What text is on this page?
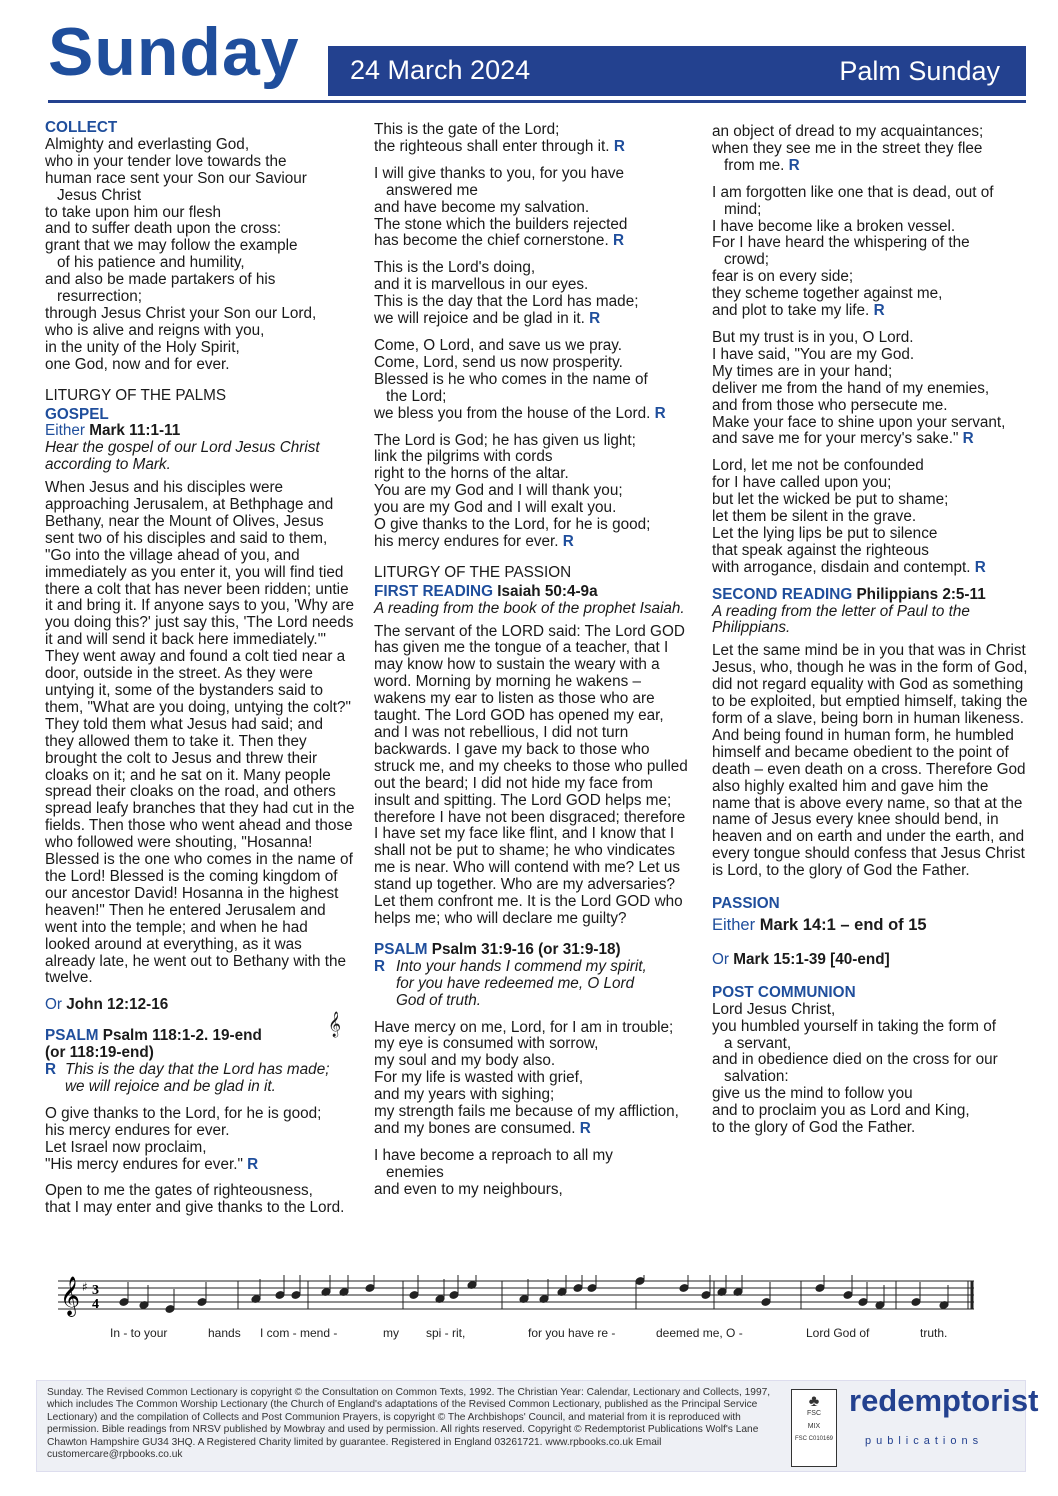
Sunday 24 March 2024	Palm Sunday
COLLECT
Almighty and everlasting God,
who in your tender love towards the
human race sent your Son our Saviour
Jesus Christ
to take upon him our flesh
and to suffer death upon the cross:
grant that we may follow the example
of his patience and humility,
and also be made partakers of his
resurrection;
through Jesus Christ your Son our Lord,
who is alive and reigns with you,
in the unity of the Holy Spirit,
one God, now and for ever.
LITURGY OF THE PALMS
GOSPEL
Either Mark 11:1-11
Hear the gospel of our Lord Jesus Christ according to Mark.

When Jesus and his disciples were approaching Jerusalem, at Bethphage and Bethany, near the Mount of Olives, Jesus sent two of his disciples and said to them, "Go into the village ahead of you, and immediately as you enter it, you will find tied there a colt that has never been ridden; untie it and bring it. If anyone says to you, 'Why are you doing this?' just say this, 'The Lord needs it and will send it back here immediately.'" They went away and found a colt tied near a door, outside in the street. As they were untying it, some of the bystanders said to them, "What are you doing, untying the colt?" They told them what Jesus had said; and they allowed them to take it. Then they brought the colt to Jesus and threw their cloaks on it; and he sat on it. Many people spread their cloaks on the road, and others spread leafy branches that they had cut in the fields. Then those who went ahead and those who followed were shouting, "Hosanna! Blessed is the one who comes in the name of the Lord! Blessed is the coming kingdom of our ancestor David! Hosanna in the highest heaven!" Then he entered Jerusalem and went into the temple; and when he had looked around at everything, as it was already late, he went out to Bethany with the twelve.

Or John 12:12-16
PSALM Psalm 118:1-2. 19-end	𝄞
(or 118:19-end)
R This is the day that the Lord has made;
we will rejoice and be glad in it.

O give thanks to the Lord, for he is good;
his mercy endures for ever.
Let Israel now proclaim,
"His mercy endures for ever." R

Open to me the gates of righteousness,
that I may enter and give thanks to the Lord.

This is the gate of the Lord;
the righteous shall enter through it. R

I will give thanks to you, for you have
answered me
and have become my salvation.
The stone which the builders rejected
has become the chief cornerstone. R

This is the Lord's doing,
and it is marvellous in our eyes.
This is the day that the Lord has made;
we will rejoice and be glad in it. R

Come, O Lord, and save us we pray.
Come, Lord, send us now prosperity.
Blessed is he who comes in the name of
the Lord;
we bless you from the house of the Lord. R

The Lord is God; he has given us light;
link the pilgrims with cords
right to the horns of the altar.
You are my God and I will thank you;
you are my God and I will exalt you.
O give thanks to the Lord, for he is good;
his mercy endures for ever. R

LITURGY OF THE PASSION
FIRST READING Isaiah 50:4-9a
A reading from the book of the prophet Isaiah.

The servant of the LORD said: The Lord GOD has given me the tongue of a teacher, that I may know how to sustain the weary with a word. Morning by morning he wakens – wakens my ear to listen as those who are taught. The Lord GOD has opened my ear, and I was not rebellious, I did not turn backwards. I gave my back to those who struck me, and my cheeks to those who pulled out the beard; I did not hide my face from insult and spitting. The Lord GOD helps me; therefore I have not been disgraced; therefore I have set my face like flint, and I know that I shall not be put to shame; he who vindicates me is near. Who will contend with me? Let us stand up together. Who are my adversaries? Let them confront me. It is the Lord GOD who helps me; who will declare me guilty?

PSALM Psalm 31:9-16 (or 31:9-18)
R Into your hands I commend my spirit,
for you have redeemed me, O Lord
God of truth.

Have mercy on me, Lord, for I am in trouble;
my eye is consumed with sorrow,
my soul and my body also.
For my life is wasted with grief,
and my years with sighing;
my strength fails me because of my affliction,
and my bones are consumed. R

I have become a reproach to all my
enemies
and even to my neighbours,

an object of dread to my acquaintances;
when they see me in the street they flee
from me. R

I am forgotten like one that is dead, out of
mind;
I have become like a broken vessel.
For I have heard the whispering of the
crowd;
fear is on every side;
they scheme together against me,
and plot to take my life. R

But my trust is in you, O Lord.
I have said, "You are my God.
My times are in your hand;
deliver me from the hand of my enemies,
and from those who persecute me.
Make your face to shine upon your servant,
and save me for your mercy's sake." R

Lord, let me not be confounded
for I have called upon you;
but let the wicked be put to shame;
let them be silent in the grave.
Let the lying lips be put to silence
that speak against the righteous
with arrogance, disdain and contempt. R

SECOND READING Philippians 2:5-11
A reading from the letter of Paul to the Philippians.

Let the same mind be in you that was in Christ Jesus, who, though he was in the form of God, did not regard equality with God as something to be exploited, but emptied himself, taking the form of a slave, being born in human likeness. And being found in human form, he humbled himself and became obedient to the point of death – even death on a cross. Therefore God also highly exalted him and gave him the name that is above every name, so that at the name of Jesus every knee should bend, in heaven and on earth and under the earth, and every tongue should confess that Jesus Christ is Lord, to the glory of God the Father.

PASSION
Either Mark 14:1 – end of 15
Or Mark 15:1-39 [40-end]
POST COMMUNION
Lord Jesus Christ,
you humbled yourself in taking the form of
a servant,
and in obedience died on the cross for our
salvation:
give us the mind to follow you
and to proclaim you as Lord and King,
to the glory of God the Father.
𝄞 ♯ 3
4
In - to your	hands I com - mend -	my spi - rit,	for you have re -	deemed me, O -	Lord God of	truth.
Sunday. The Revised Common Lectionary is copyright © the Consultation on Common Texts, 1992. The Christian Year: Calendar, Lectionary and Collects, 1997, which includes The Common Worship Lectionary (the Church of England's adaptations of the Revised Common Lectionary, published as the Principal Service Lectionary) and the compilation of Collects and Post Communion Prayers, is copyright © The Archbishops' Council, and material from it is reproduced with permission. Bible readings from NRSV published by Mowbray and used by permission. All rights reserved. Copyright © Redemptorist Publications Wolf's Lane Chawton Hampshire GU34 3HQ. A Registered Charity limited by guarantee. Registered in England 03261721. www.rpbooks.co.uk Email customercare@rpbooks.co.uk
♣
FSC
MIX
FSC C010169
redemptorist
publications
